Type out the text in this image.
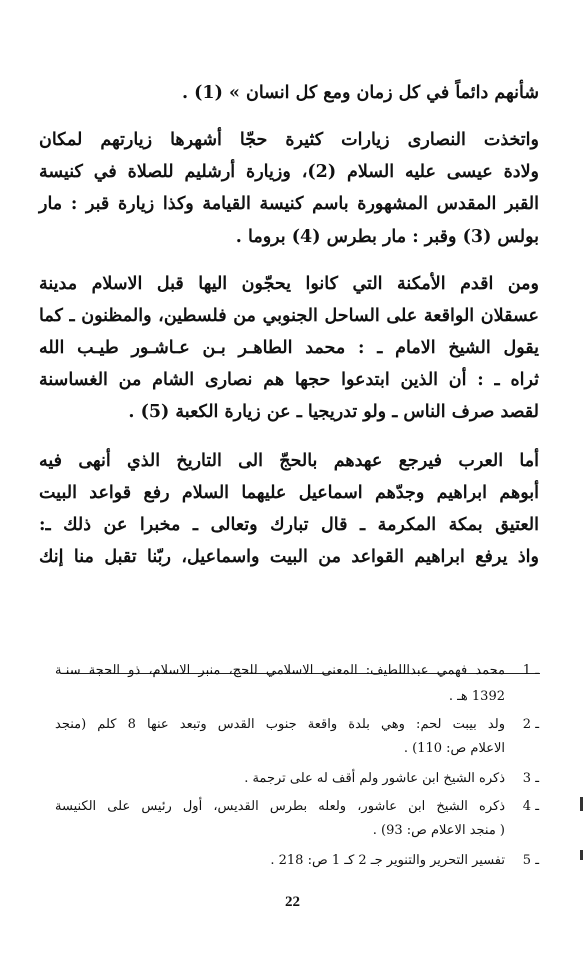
شأنهم دائماً في كل زمان ومع كل انسان » (1) .
واتخذت النصارى زيارات كثيرة حجّا أشهرها زيارتهم لمكان
ولادة عيسى عليه السلام (2)، وزيارة أرشليم للصلاة في كنيسة
القبر المقدس المشهورة باسم كنيسة القيامة وكذا زيارة قبر : مار
بولس (3) وقبر : مار بطرس (4) بروما .
ومن اقدم الأمكنة التي كانوا يحجّون اليها قبل الاسلام مدينة
عسقلان الواقعة على الساحل الجنوبي من فلسطين، والمظنون ـ كما
يقول الشيخ الامام ـ : محمد الطاهـر بـن عـاشـور طيـب الله
ثراه ـ : أن الذين ابتدعوا حجها هم نصارى الشام من الغساسنة
لقصد صرف الناس ـ ولو تدريجيا ـ عن زيارة الكعبة (5) .
أما العرب فيرجع عهدهم بالحجّ الى التاريخ الذي أنهى فيه
أبوهم ابراهيم وجدّهم اسماعيل عليهما السلام رفع قواعد البيت
العتيق بمكة المكرمة ـ قال تبارك وتعالى ـ مخبرا عن ذلك ـ:
واذ يرفع ابراهيم القواعد من البيت واسماعيل، ربّنا تقبل منا إنك
1 ـ
محمد فهمي عبداللطيف: المعنى الاسلامي للحج، منبر الاسلام، ذو الحجة سنـة
1392 هـ .
2 ـ
ولد بيبت لحم: وهي بلدة واقعة جنوب القدس وتبعد عنها 8 كلم (منجد
الاعلام ص: 110) .
3 ـ
ذكره الشيخ ابن عاشور ولم أقف له على ترجمة .
4 ـ
ذكره الشيخ ابن عاشور، ولعله بطرس القديس، أول رئيس على الكنيسة
( منجد الاعلام ص: 93) .
5 ـ
تفسير التحرير والتنوير جـ 2 كـ 1 ص: 218 .
22
